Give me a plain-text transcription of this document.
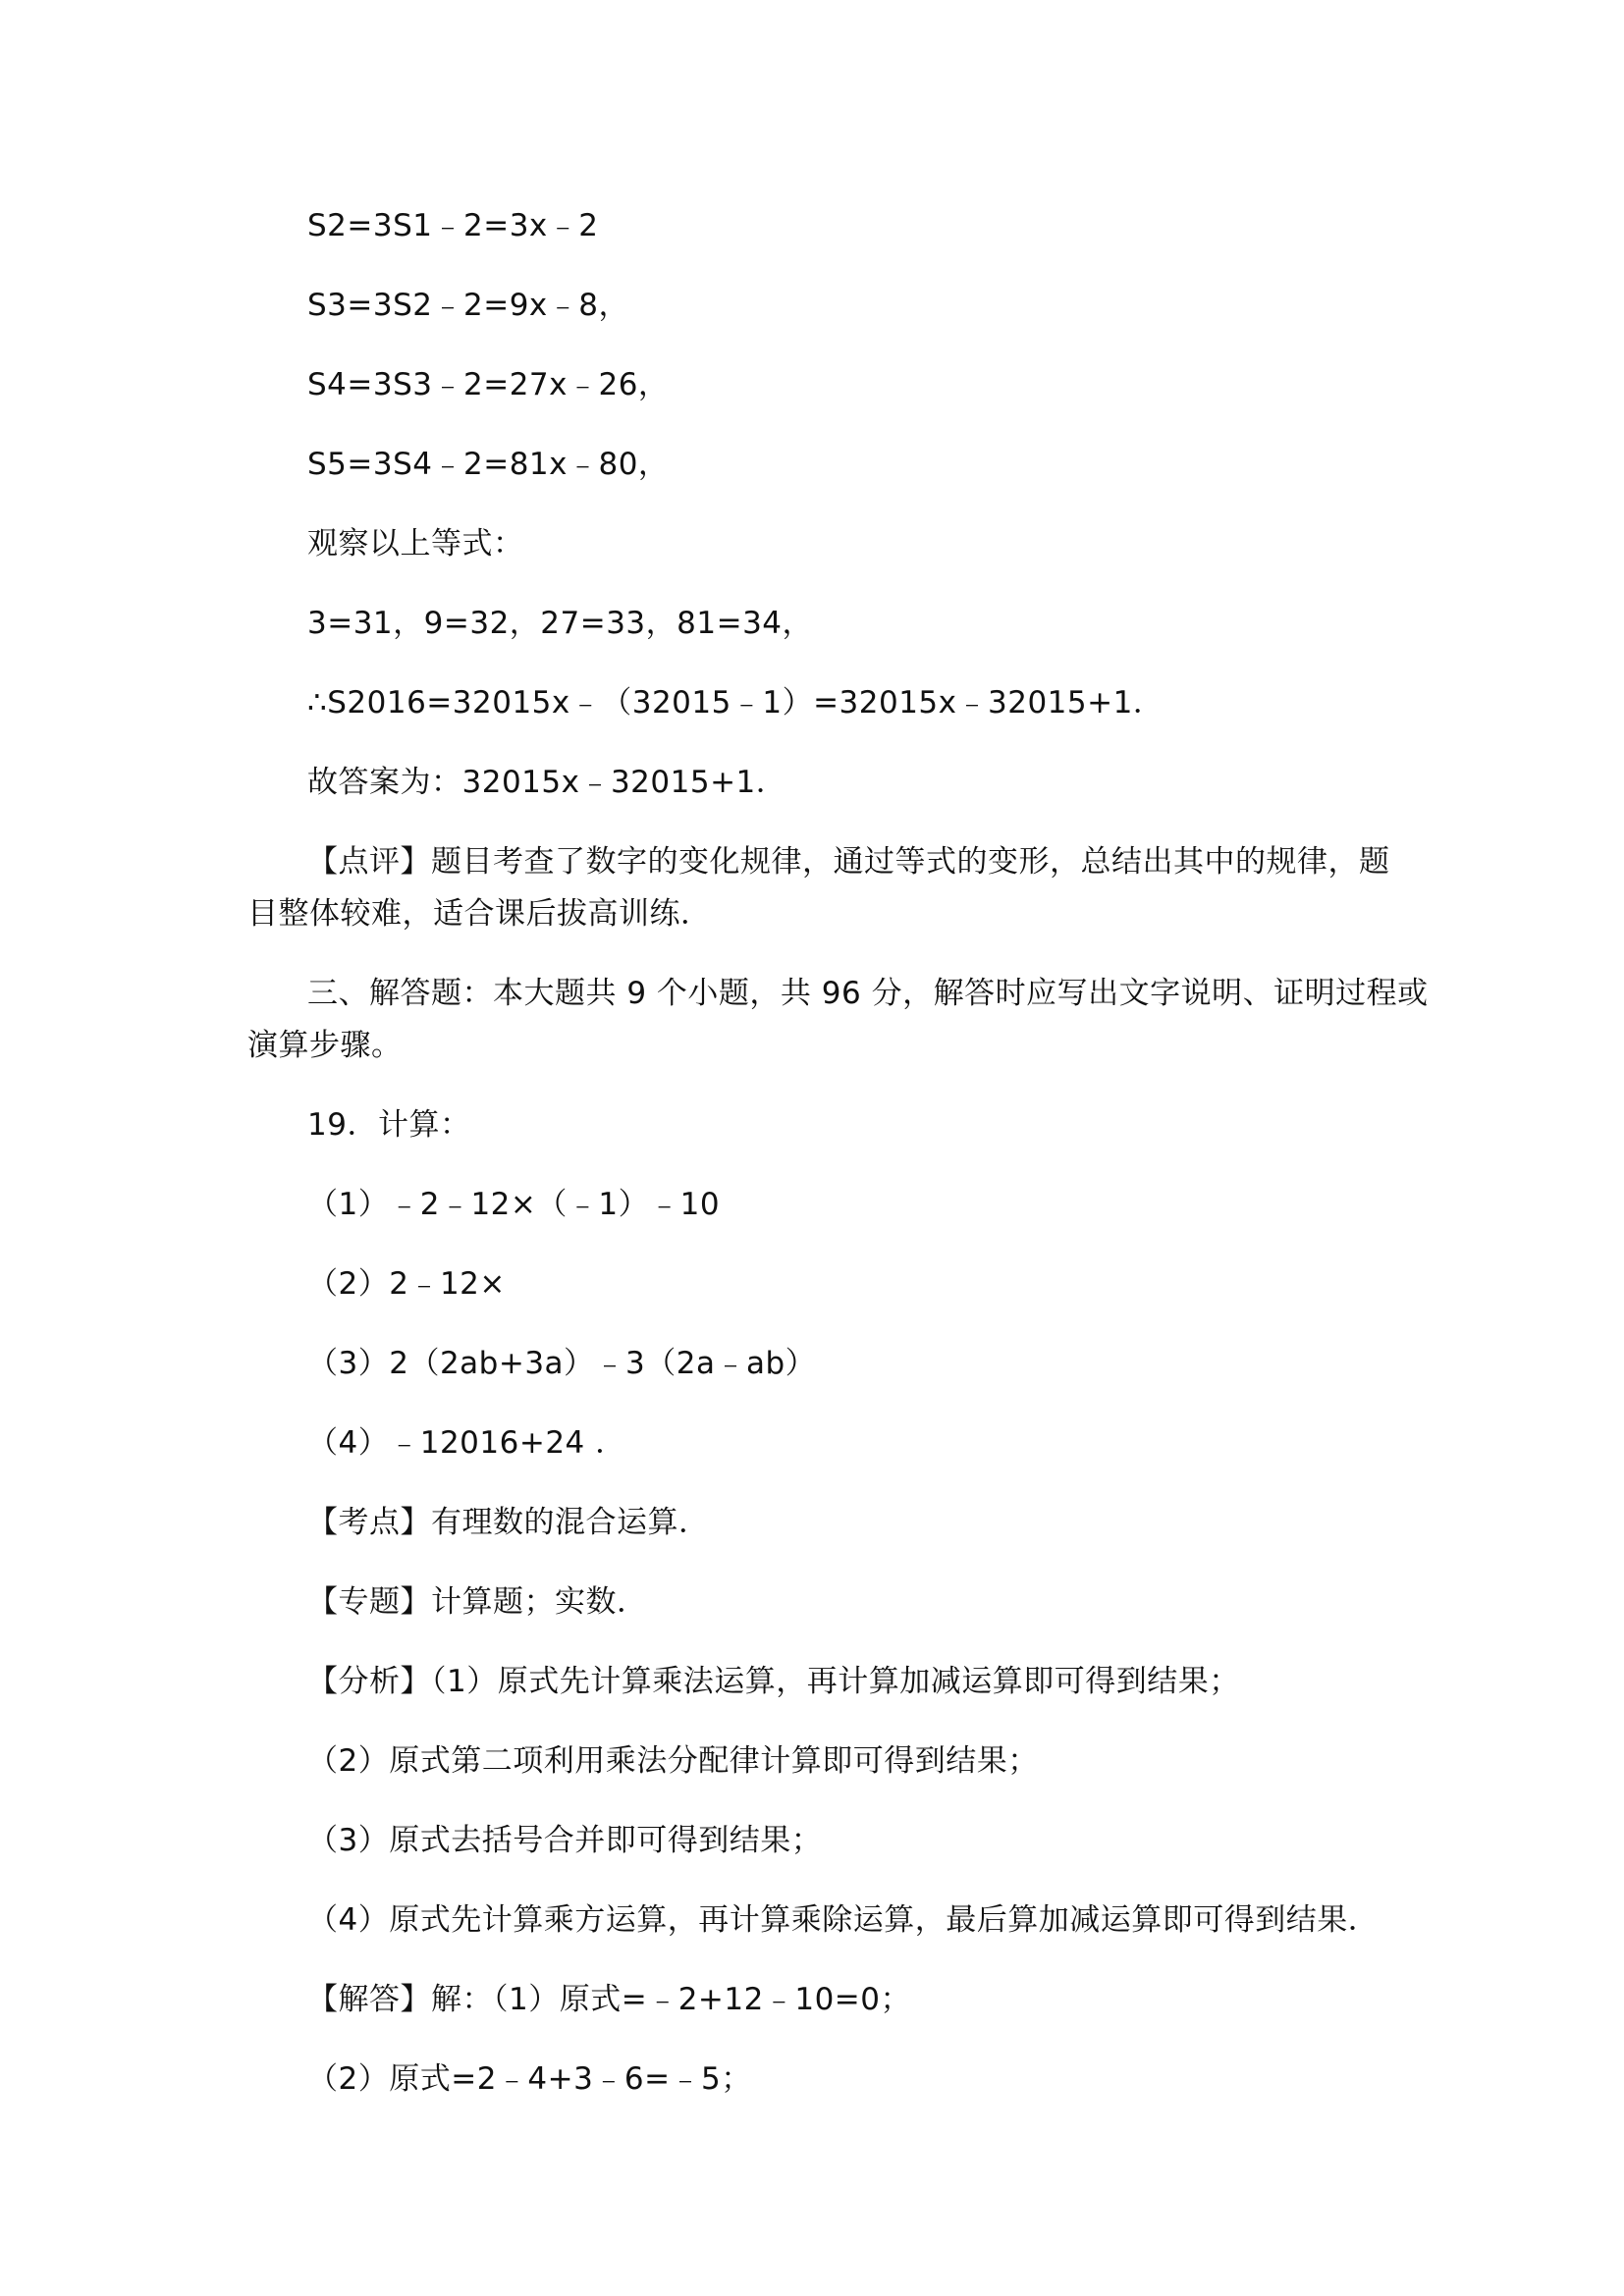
S2=3S1﹣2=3x﹣2
S3=3S2﹣2=9x﹣8，
S4=3S3﹣2=27x﹣26，
S5=3S4﹣2=81x﹣80，
观察以上等式：
3=31，9=32，27=33，81=34，
∴S2016=32015x﹣（32015﹣1）=32015x﹣32015+1．
故答案为：32015x﹣32015+1．
【点评】题目考查了数字的变化规律，通过等式的变形，总结出其中的规律，题
目整体较难，适合课后拔高训练．
三、解答题：本大题共 9 个小题，共 96 分，解答时应写出文字说明、证明过程或
演算步骤。
19．计算：
（1）﹣2﹣12×（﹣1）﹣10
（2）2﹣12×
（3）2（2ab+3a）﹣3（2a﹣ab）
（4）﹣12016+24 ．
【考点】有理数的混合运算．
【专题】计算题；实数．
【分析】（1）原式先计算乘法运算，再计算加减运算即可得到结果；
（2）原式第二项利用乘法分配律计算即可得到结果；
（3）原式去括号合并即可得到结果；
（4）原式先计算乘方运算，再计算乘除运算，最后算加减运算即可得到结果．
【解答】解：（1）原式=﹣2+12﹣10=0；
（2）原式=2﹣4+3﹣6=﹣5；
